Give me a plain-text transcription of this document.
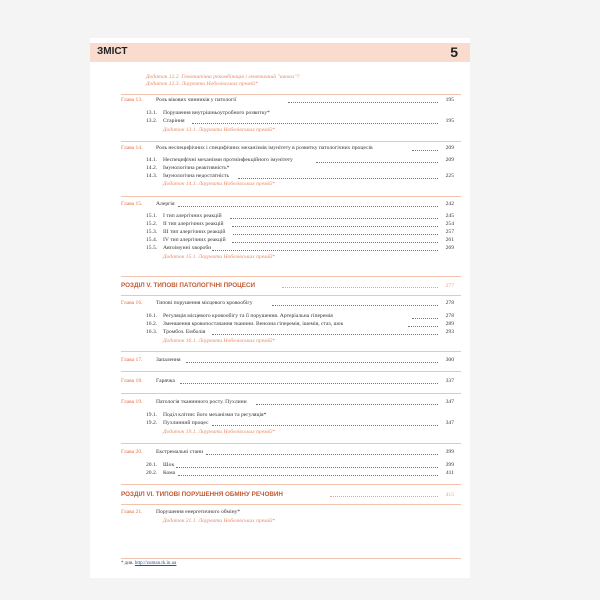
ЗМІСТ	5
Додаток 12.2. Генотипічна рекомбінація і генетичний "шквал"?
Додаток 12.3. Лауреати Нобелівських премій*
Глава 13. Роль вікових чинників у патології	195
13.1. Порушення внутрішньоутробного розвитку*
13.2. Старіння	195
Додаток 13.1. Лауреати Нобелівських премій*
Глава 14. Роль неспецифічних і специфічних механізмів імунітету в розвитку патологічних процесів	209
14.1. Неспецифічні механізми протиінфекційного імунітету	209
14.2. Імунологічна реактивність*
14.3. Імунологічна недостатність	225
Додаток 14.1. Лауреати Нобелівських премій*
Глава 15. Алергія	242
15.1. І тип алергічних реакцій	245
15.2. II тип алергічних реакцій	254
15.3. III тип алергічних реакцій	257
15.4. IV тип алергічних реакцій	261
15.5. Автоімунні хвороби	269
Додаток 15.1. Лауреати Нобелівських премій*
РОЗДІЛ V. ТИПОВІ ПАТОЛОГІЧНІ ПРОЦЕСИ	277
Глава 16. Типові порушення місцевого кровообігу	278
16.1. Регуляція місцевого кровообігу та її порушення. Артеріальна гіперемія	278
16.2. Зменшення кровопостачання тканини. Венозна гіперемія, ішемія, стаз, шок	289
16.3. Тромбоз. Емболія	293
Додаток 16.1. Лауреати Нобелівських премій*
Глава 17. Запалення	300
Глава 18. Гарячка	337
Глава 19. Патологія тканинного росту. Пухлини	347
19.1. Поділ клітин: його механізми та регуляція*
19.2. Пухлинний процес	347
Додаток 19.1. Лауреати Нобелівських премій*
Глава 20. Екстремальні стани	399
20.1. Шок	399
20.2. Кома	411
РОЗДІЛ VI. ТИПОВІ ПОРУШЕННЯ ОБМІНУ РЕЧОВИН	415
Глава 21. Порушення енергетичного обміну*
Додаток 21.1. Лауреати Нобелівських премій*
* див. http://zuman.tk.in.ua
